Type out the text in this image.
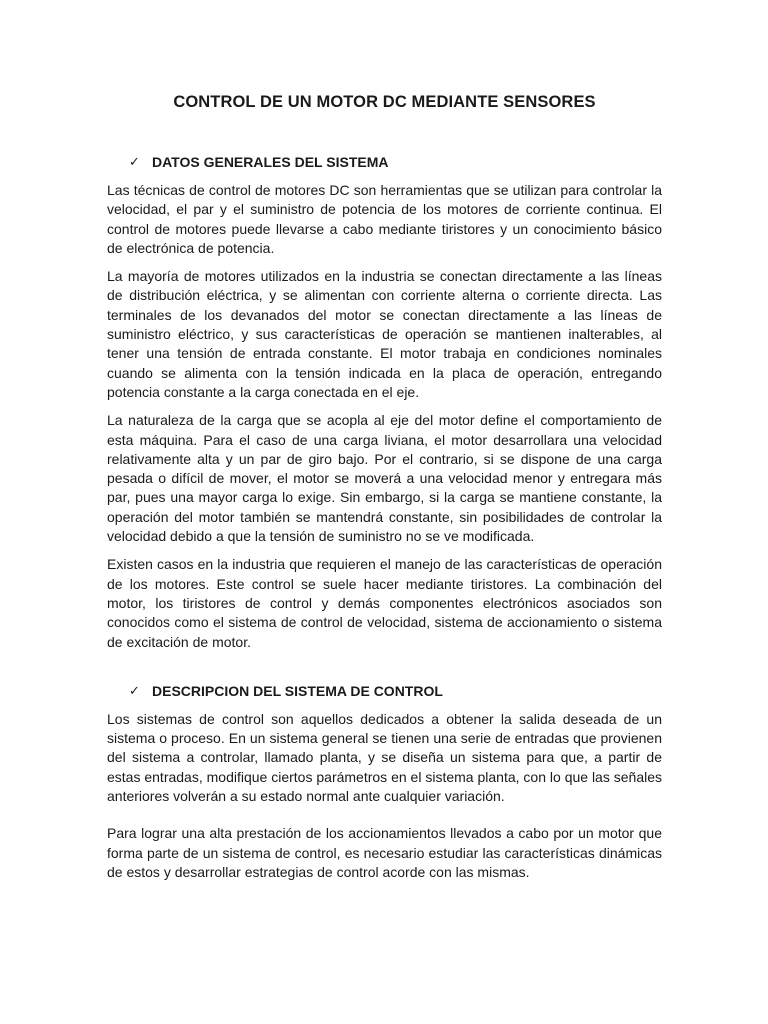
CONTROL DE UN MOTOR DC MEDIANTE SENSORES
✓ DATOS GENERALES DEL SISTEMA

Las técnicas de control de motores DC son herramientas que se utilizan para controlar la velocidad, el par y el suministro de potencia de los motores de corriente continua. El control de motores puede llevarse a cabo mediante tiristores y un conocimiento básico de electrónica de potencia.

La mayoría de motores utilizados en la industria se conectan directamente a las líneas de distribución eléctrica, y se alimentan con corriente alterna o corriente directa. Las terminales de los devanados del motor se conectan directamente a las líneas de suministro eléctrico, y sus características de operación se mantienen inalterables, al tener una tensión de entrada constante. El motor trabaja en condiciones nominales cuando se alimenta con la tensión indicada en la placa de operación, entregando potencia constante a la carga conectada en el eje.

La naturaleza de la carga que se acopla al eje del motor define el comportamiento de esta máquina. Para el caso de una carga liviana, el motor desarrollara una velocidad relativamente alta y un par de giro bajo. Por el contrario, si se dispone de una carga pesada o difícil de mover, el motor se moverá a una velocidad menor y entregara más par, pues una mayor carga lo exige. Sin embargo, si la carga se mantiene constante, la operación del motor también se mantendrá constante, sin posibilidades de controlar la velocidad debido a que la tensión de suministro no se ve modificada.

Existen casos en la industria que requieren el manejo de las características de operación de los motores. Este control se suele hacer mediante tiristores. La combinación del motor, los tiristores de control y demás componentes electrónicos asociados son conocidos como el sistema de control de velocidad, sistema de accionamiento o sistema de excitación de motor.

✓ DESCRIPCION DEL SISTEMA DE CONTROL

Los sistemas de control son aquellos dedicados a obtener la salida deseada de un sistema o proceso. En un sistema general se tienen una serie de entradas que provienen del sistema a controlar, llamado planta, y se diseña un sistema para que, a partir de estas entradas, modifique ciertos parámetros en el sistema planta, con lo que las señales anteriores volverán a su estado normal ante cualquier variación.

Para lograr una alta prestación de los accionamientos llevados a cabo por un motor que forma parte de un sistema de control, es necesario estudiar las características dinámicas de estos y desarrollar estrategias de control acorde con las mismas.
